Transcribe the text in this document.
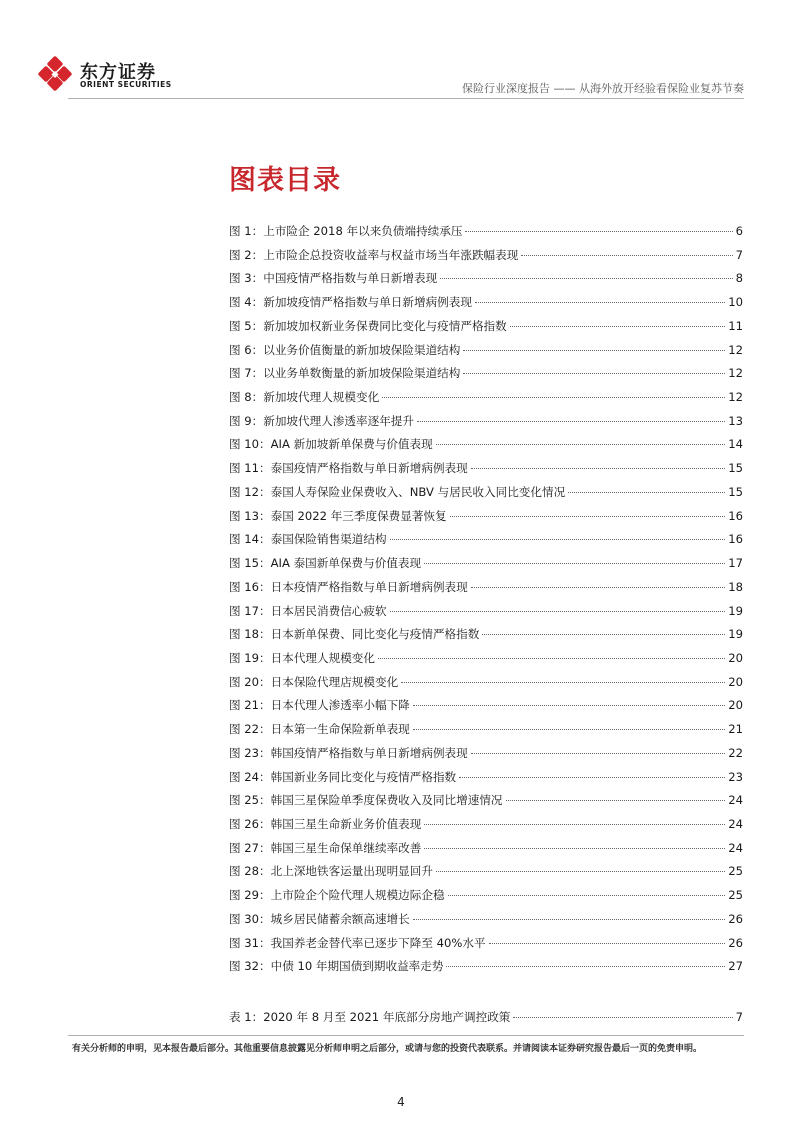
东方证券
ORIENT SECURITIES	保险行业深度报告 —— 从海外放开经验看保险业复苏节奏
图表目录
图 1：上市险企 2018 年以来负债端持续承压	6
图 2：上市险企总投资收益率与权益市场当年涨跌幅表现	7
图 3：中国疫情严格指数与单日新增表现	8
图 4：新加坡疫情严格指数与单日新增病例表现	10
图 5：新加坡加权新业务保费同比变化与疫情严格指数	11
图 6：以业务价值衡量的新加坡保险渠道结构	12
图 7：以业务单数衡量的新加坡保险渠道结构	12
图 8：新加坡代理人规模变化	12
图 9：新加坡代理人渗透率逐年提升	13
图 10：AIA 新加坡新单保费与价值表现	14
图 11：泰国疫情严格指数与单日新增病例表现	15
图 12：泰国人寿保险业保费收入、NBV 与居民收入同比变化情况	15
图 13：泰国 2022 年三季度保费显著恢复	16
图 14：泰国保险销售渠道结构	16
图 15：AIA 泰国新单保费与价值表现	17
图 16：日本疫情严格指数与单日新增病例表现	18
图 17：日本居民消费信心疲软	19
图 18：日本新单保费、同比变化与疫情严格指数	19
图 19：日本代理人规模变化	20
图 20：日本保险代理店规模变化	20
图 21：日本代理人渗透率小幅下降	20
图 22：日本第一生命保险新单表现	21
图 23：韩国疫情严格指数与单日新增病例表现	22
图 24：韩国新业务同比变化与疫情严格指数	23
图 25：韩国三星保险单季度保费收入及同比增速情况	24
图 26：韩国三星生命新业务价值表现	24
图 27：韩国三星生命保单继续率改善	24
图 28：北上深地铁客运量出现明显回升	25
图 29：上市险企个险代理人规模边际企稳	25
图 30：城乡居民储蓄余额高速增长	26
图 31：我国养老金替代率已逐步下降至 40%水平	26
图 32：中债 10 年期国债到期收益率走势	27
表 1：2020 年 8 月至 2021 年底部分房地产调控政策	7
有关分析师的申明，见本报告最后部分。其他重要信息披露见分析师申明之后部分，或请与您的投资代表联系。并请阅读本证券研究报告最后一页的免责申明。
4
